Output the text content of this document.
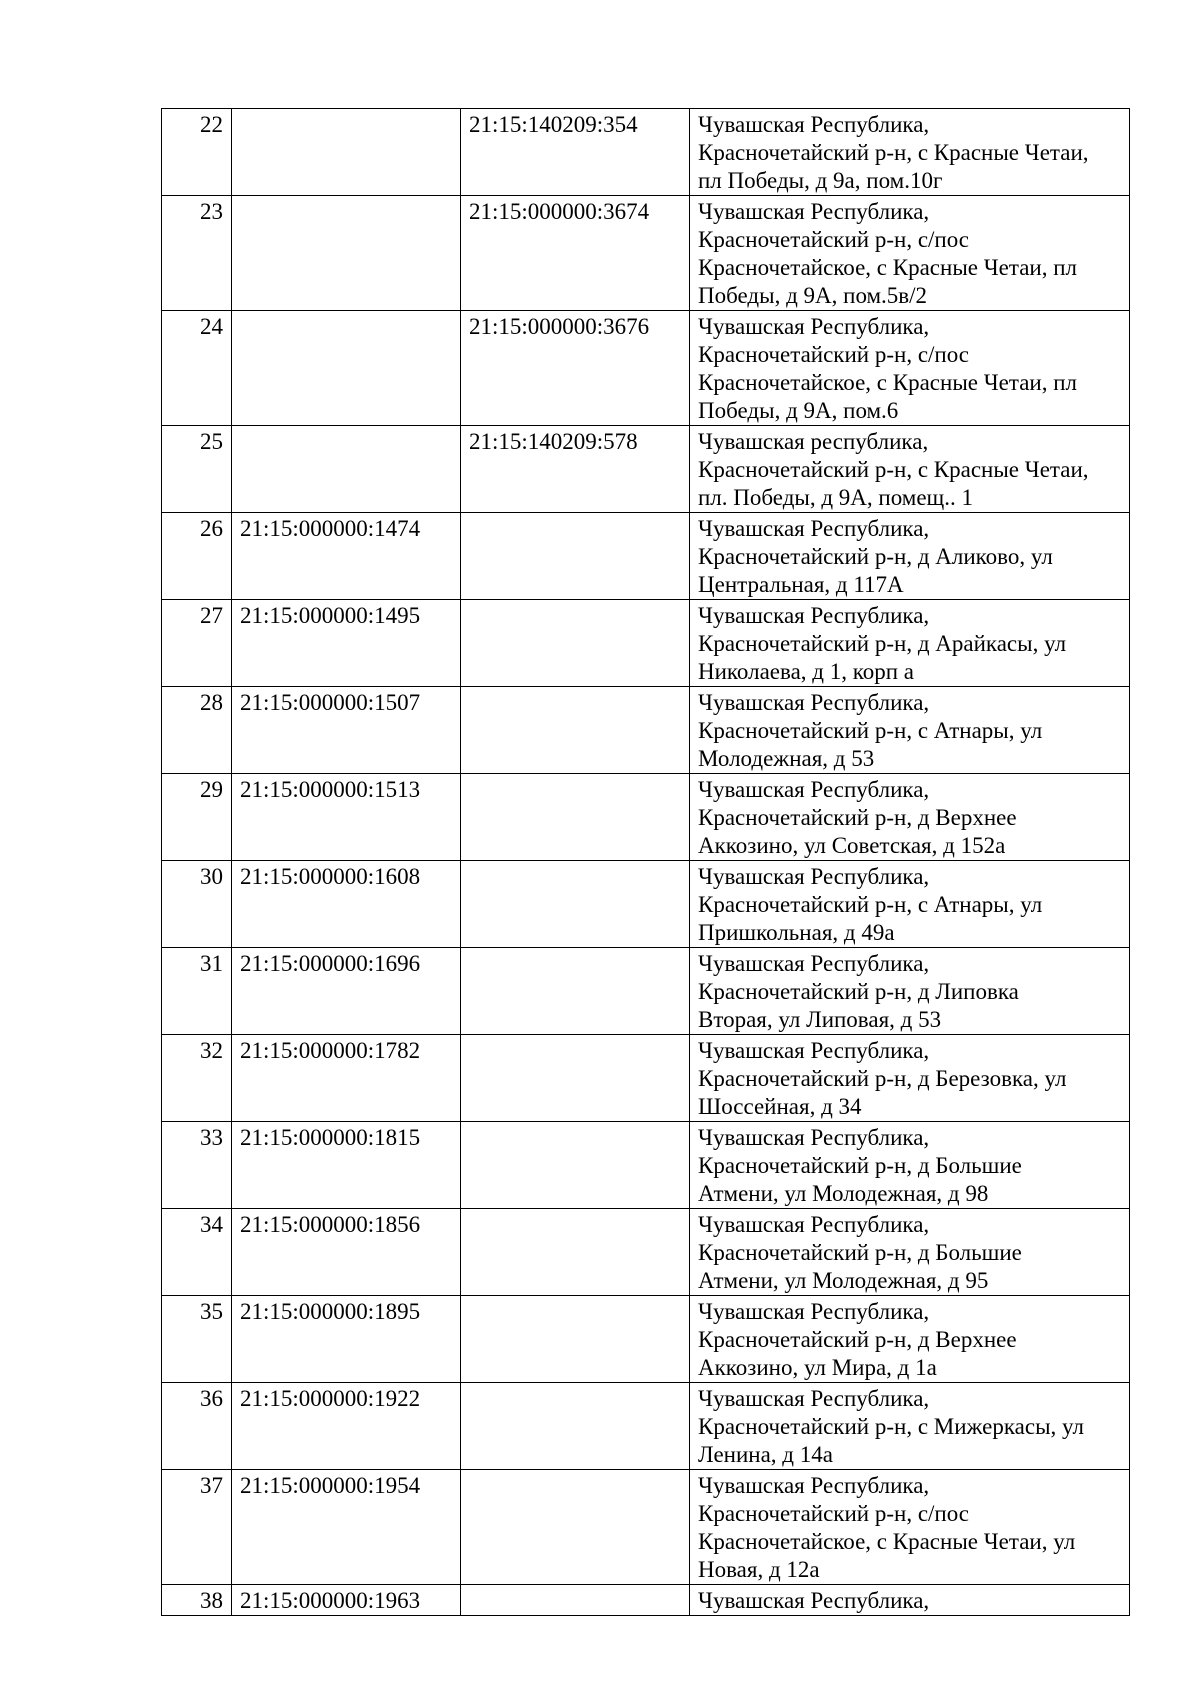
22		21:15:140209:354	Чувашская Республика,
Красночетайский р-н, с Красные Четаи,
пл Победы, д 9а, пом.10г
23		21:15:000000:3674	Чувашская Республика,
Красночетайский р-н, с/пос
Красночетайское, с Красные Четаи, пл
Победы, д 9А, пом.5в/2
24		21:15:000000:3676	Чувашская Республика,
Красночетайский р-н, с/пос
Красночетайское, с Красные Четаи, пл
Победы, д 9А, пом.6
25		21:15:140209:578	Чувашская республика,
Красночетайский р-н, с Красные Четаи,
пл. Победы, д 9А, помещ.. 1
26	21:15:000000:1474		Чувашская Республика,
Красночетайский р-н, д Аликово, ул
Центральная, д 117А
27	21:15:000000:1495		Чувашская Республика,
Красночетайский р-н, д Арайкасы, ул
Николаева, д 1, корп а
28	21:15:000000:1507		Чувашская Республика,
Красночетайский р-н, с Атнары, ул
Молодежная, д 53
29	21:15:000000:1513		Чувашская Республика,
Красночетайский р-н, д Верхнее
Аккозино, ул Советская, д 152а
30	21:15:000000:1608		Чувашская Республика,
Красночетайский р-н, с Атнары, ул
Пришкольная, д 49а
31	21:15:000000:1696		Чувашская Республика,
Красночетайский р-н, д Липовка
Вторая, ул Липовая, д 53
32	21:15:000000:1782		Чувашская Республика,
Красночетайский р-н, д Березовка, ул
Шоссейная, д 34
33	21:15:000000:1815		Чувашская Республика,
Красночетайский р-н, д Большие
Атмени, ул Молодежная, д 98
34	21:15:000000:1856		Чувашская Республика,
Красночетайский р-н, д Большие
Атмени, ул Молодежная, д 95
35	21:15:000000:1895		Чувашская Республика,
Красночетайский р-н, д Верхнее
Аккозино, ул Мира, д 1а
36	21:15:000000:1922		Чувашская Республика,
Красночетайский р-н, с Мижеркасы, ул
Ленина, д 14а
37	21:15:000000:1954		Чувашская Республика,
Красночетайский р-н, с/пос
Красночетайское, с Красные Четаи, ул
Новая, д 12а
38	21:15:000000:1963		Чувашская Республика,
